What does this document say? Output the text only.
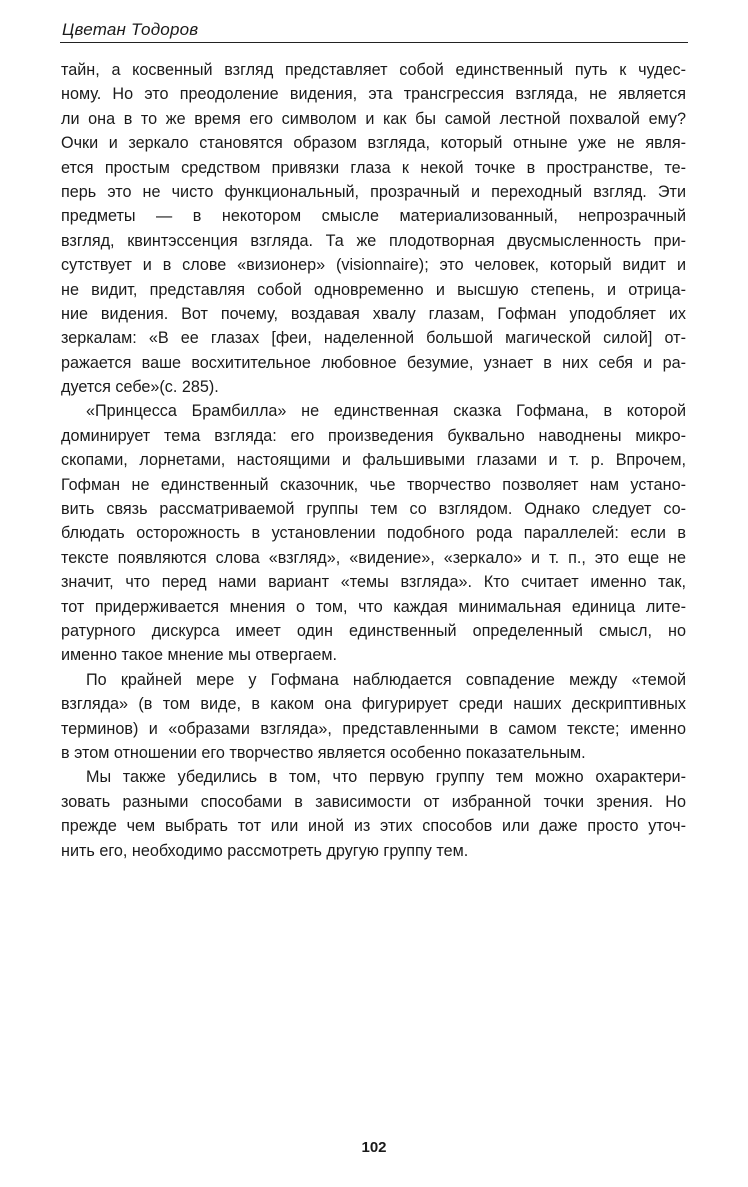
Цветан Тодоров
тайн, а косвенный взгляд представляет собой единственный путь к чудес-
ному. Но это преодоление видения, эта трансгрессия взгляда, не является
ли она в то же время его символом и как бы самой лестной похвалой ему?
Очки и зеркало становятся образом взгляда, который отныне уже не явля-
ется простым средством привязки глаза к некой точке в пространстве, те-
перь это не чисто функциональный, прозрачный и переходный взгляд. Эти
предметы — в некотором смысле материализованный, непрозрачный
взгляд, квинтэссенция взгляда. Та же плодотворная двусмысленность при-
сутствует и в слове «визионер» (visionnaire); это человек, который видит и
не видит, представляя собой одновременно и высшую степень, и отрица-
ние видения. Вот почему, воздавая хвалу глазам, Гофман уподобляет их
зеркалам: «В ее глазах [феи, наделенной большой магической силой] от-
ражается ваше восхитительное любовное безумие, узнает в них себя и ра-
дуется себе»(с. 285).
«Принцесса Брамбилла» не единственная сказка Гофмана, в которой
доминирует тема взгляда: его произведения буквально наводнены микро-
скопами, лорнетами, настоящими и фальшивыми глазами и т. р. Впрочем,
Гофман не единственный сказочник, чье творчество позволяет нам устано-
вить связь рассматриваемой группы тем со взглядом. Однако следует со-
блюдать осторожность в установлении подобного рода параллелей: если в
тексте появляются слова «взгляд», «видение», «зеркало» и т. п., это еще не
значит, что перед нами вариант «темы взгляда». Кто считает именно так,
тот придерживается мнения о том, что каждая минимальная единица лите-
ратурного дискурса имеет один единственный определенный смысл, но
именно такое мнение мы отвергаем.
По крайней мере у Гофмана наблюдается совпадение между «темой
взгляда» (в том виде, в каком она фигурирует среди наших дескриптивных
терминов) и «образами взгляда», представленными в самом тексте; именно
в этом отношении его творчество является особенно показательным.
Мы также убедились в том, что первую группу тем можно охарактери-
зовать разными способами в зависимости от избранной точки зрения. Но
прежде чем выбрать тот или иной из этих способов или даже просто уточ-
нить его, необходимо рассмотреть другую группу тем.
102
